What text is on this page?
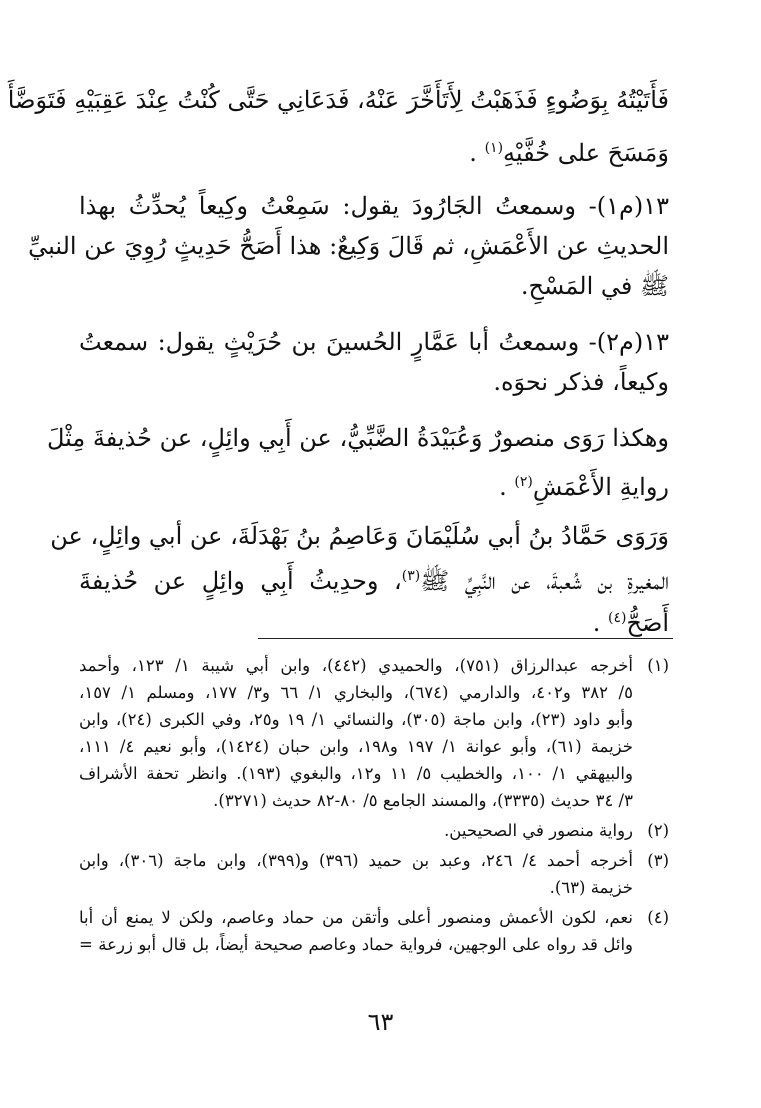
فَأَتَيْتُهُ بِوَضُوءٍ فَذَهَبْتُ لِأَتَأَخَّرَ عَنْهُ، فَدَعَانِي حَتَّى كُنْتُ عِنْدَ عَقِبَيْهِ فَتَوَضَّأَ
وَمَسَحَ على خُفَّيْهِ$^{(١)}$ .
١٣(م١)- وسمعتُ الجَارُودَ يقول: سَمِعْتُ وكِيعاً يُحدِّثُ بهذا
الحديثِ عن الأَعْمَشِ، ثم قَالَ وَكِيعٌ: هذا أَصَحُّ حَدِيثٍ رُوِيَ عن النبيِّ
ﷺ في المَسْحِ.
١٣(م٢)- وسمعتُ أبا عَمَّارٍ الحُسينَ بن حُرَيْثٍ يقول: سمعتُ
وكيعاً، فذكر نحوَه.
وهكذا رَوَى منصورٌ وَعُبَيْدَةُ الضَّبِّيُّ، عن أَبِي وائِلٍ، عن حُذيفةَ مِثْلَ
روايةِ الأَعْمَشِ$^{(٢)}$ .
وَرَوَى حَمَّادُ بنُ أبي سُلَيْمَانَ وَعَاصِمُ بنُ بَهْدَلَةَ، عن أبي وائِلٍ، عن
المغيرةِ بن شُعبةَ، عن النَّبِيِّ ﷺ$^{(٣)}$، وحدِيثُ أَبِي وائِلٍ عن حُذيفةَ
أَصَحُّ$^{(٤)}$ .
(١)
أخرجه عبدالرزاق (٧٥١)، والحميدي (٤٤٢)، وابن أبي شيبة ١/ ١٢٣، وأحمد
٥/ ٣٨٢ و٤٠٢، والدارمي (٦٧٤)، والبخاري ١/ ٦٦ و٣/ ١٧٧، ومسلم ١/ ١٥٧،
وأبو داود (٢٣)، وابن ماجة (٣٠٥)، والنسائي ١/ ١٩ و٢٥، وفي الكبرى (٢٤)، وابن
خزيمة (٦١)، وأبو عوانة ١/ ١٩٧ و١٩٨، وابن حبان (١٤٢٤)، وأبو نعيم ٤/ ١١١،
والبيهقي ١/ ١٠٠، والخطيب ٥/ ١١ و١٢، والبغوي (١٩٣). وانظر تحفة الأشراف
٣/ ٣٤ حديث (٣٣٣٥)، والمسند الجامع ٥/ ٨٠-٨٢ حديث (٣٢٧١).
(٢)
رواية منصور في الصحيحين.
(٣)
أخرجه أحمد ٤/ ٢٤٦، وعبد بن حميد (٣٩٦) و(٣٩٩)، وابن ماجة (٣٠٦)، وابن
خزيمة (٦٣).
(٤)
نعم، لكون الأعمش ومنصور أعلى وأتقن من حماد وعاصم، ولكن لا يمنع أن أبا
وائل قد رواه على الوجهين، فرواية حماد وعاصم صحيحة أيضاً، بل قال أبو زرعة =
٦٣
